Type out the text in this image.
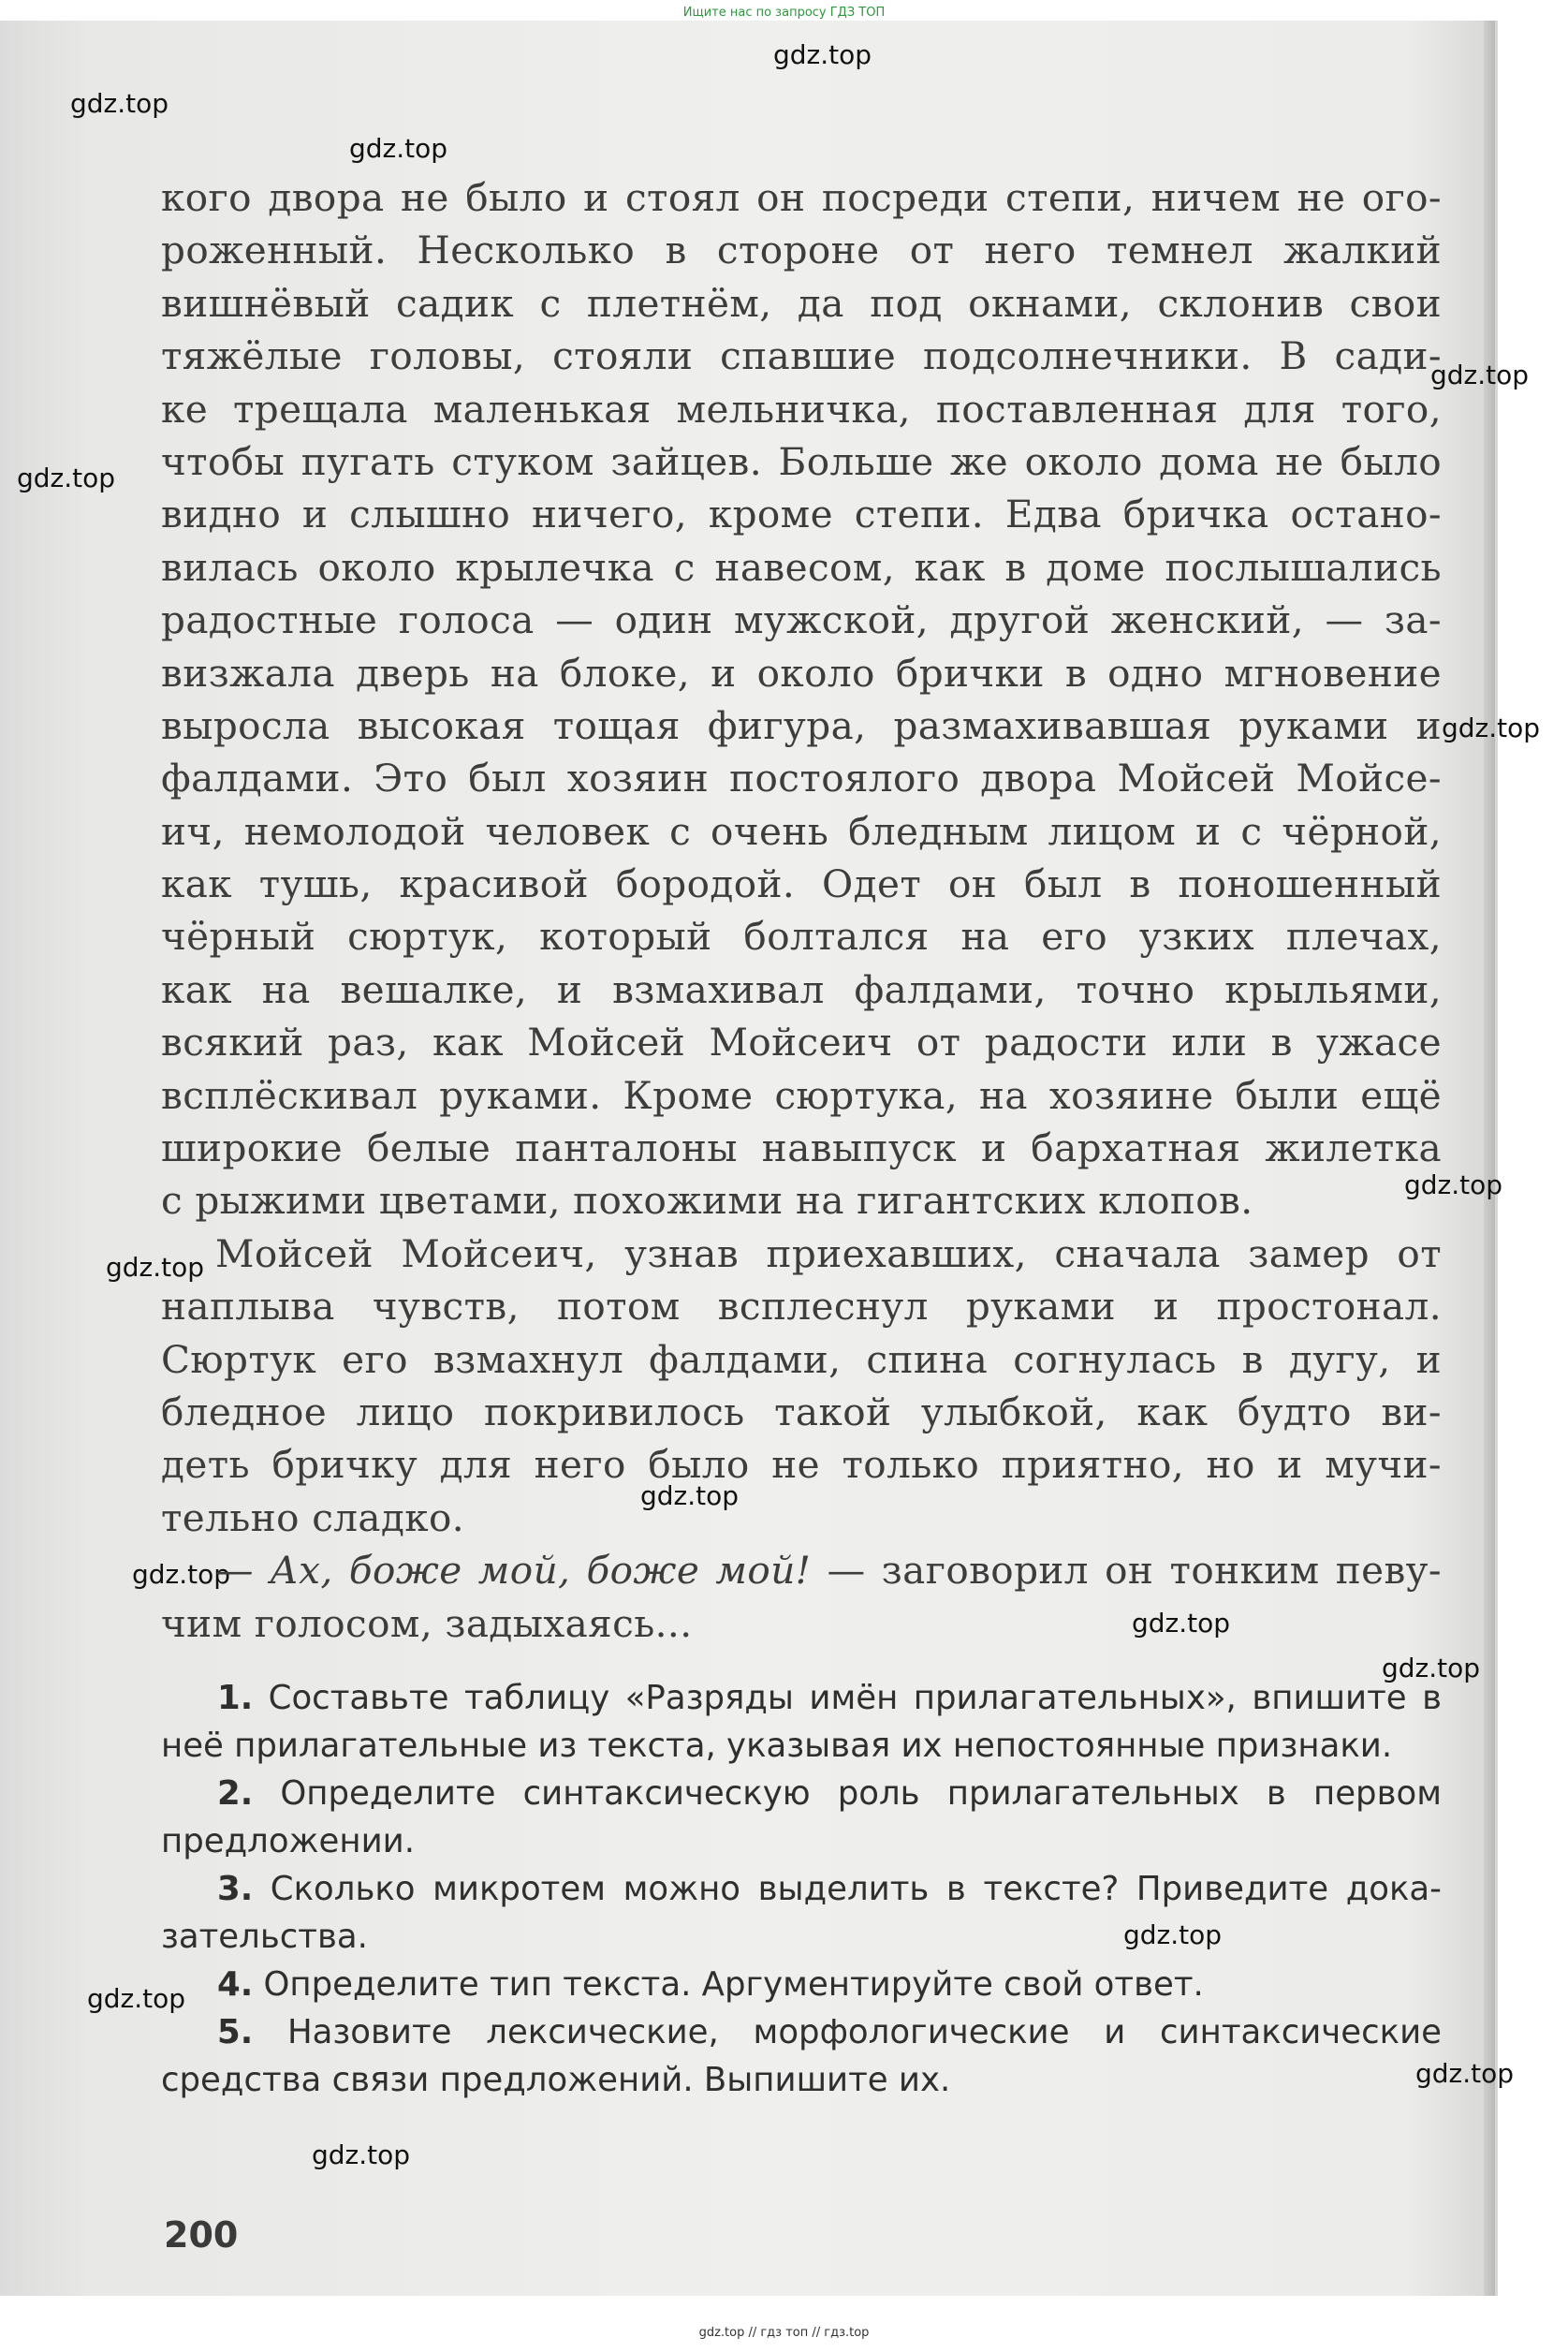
Ищите нас по запросу ГДЗ ТОП
gdz.top
gdz.top
gdz.top
gdz.top
gdz.top
gdz.top
gdz.top
gdz.top
gdz.top
gdz.top
gdz.top
gdz.top
gdz.top
gdz.top
gdz.top
gdz.top
кого двора не было и стоял он посреди степи, ничем не ого-
роженный. Несколько в стороне от него темнел жалкий
вишнёвый садик с плетнём, да под окнами, склонив свои
тяжёлые головы, стояли спавшие подсолнечники. В сади-
ке трещала маленькая мельничка, поставленная для того,
чтобы пугать стуком зайцев. Больше же около дома не было
видно и слышно ничего, кроме степи. Едва бричка остано-
вилась около крылечка с навесом, как в доме послышались
радостные голоса — один мужской, другой женский, — за-
визжала дверь на блоке, и около брички в одно мгновение
выросла высокая тощая фигура, размахивавшая руками и
фалдами. Это был хозяин постоялого двора Мойсей Мойсе-
ич, немолодой человек с очень бледным лицом и с чёрной,
как тушь, красивой бородой. Одет он был в поношенный
чёрный сюртук, который болтался на его узких плечах,
как на вешалке, и взмахивал фалдами, точно крыльями,
всякий раз, как Мойсей Мойсеич от радости или в ужасе
всплёскивал руками. Кроме сюртука, на хозяине были ещё
широкие белые панталоны навыпуск и бархатная жилетка
с рыжими цветами, похожими на гигантских клопов.
Мойсей Мойсеич, узнав приехавших, сначала замер от
наплыва чувств, потом всплеснул руками и простонал.
Сюртук его взмахнул фалдами, спина согнулась в дугу, и
бледное лицо покривилось такой улыбкой, как будто ви-
деть бричку для него было не только приятно, но и мучи-
тельно сладко.
— Ах, боже мой, боже мой! — заговорил он тонким певу-
чим голосом, задыхаясь...
1. Составьте таблицу «Разряды имён прилагательных», впишите в
неё прилагательные из текста, указывая их непостоянные признаки.
2. Определите синтаксическую роль прилагательных в первом
предложении.
3. Сколько микротем можно выделить в тексте? Приведите дока-
зательства.
4. Определите тип текста. Аргументируйте свой ответ.
5. Назовите лексические, морфологические и синтаксические
средства связи предложений. Выпишите их.
200
gdz.top // гдз топ // гдз.top
